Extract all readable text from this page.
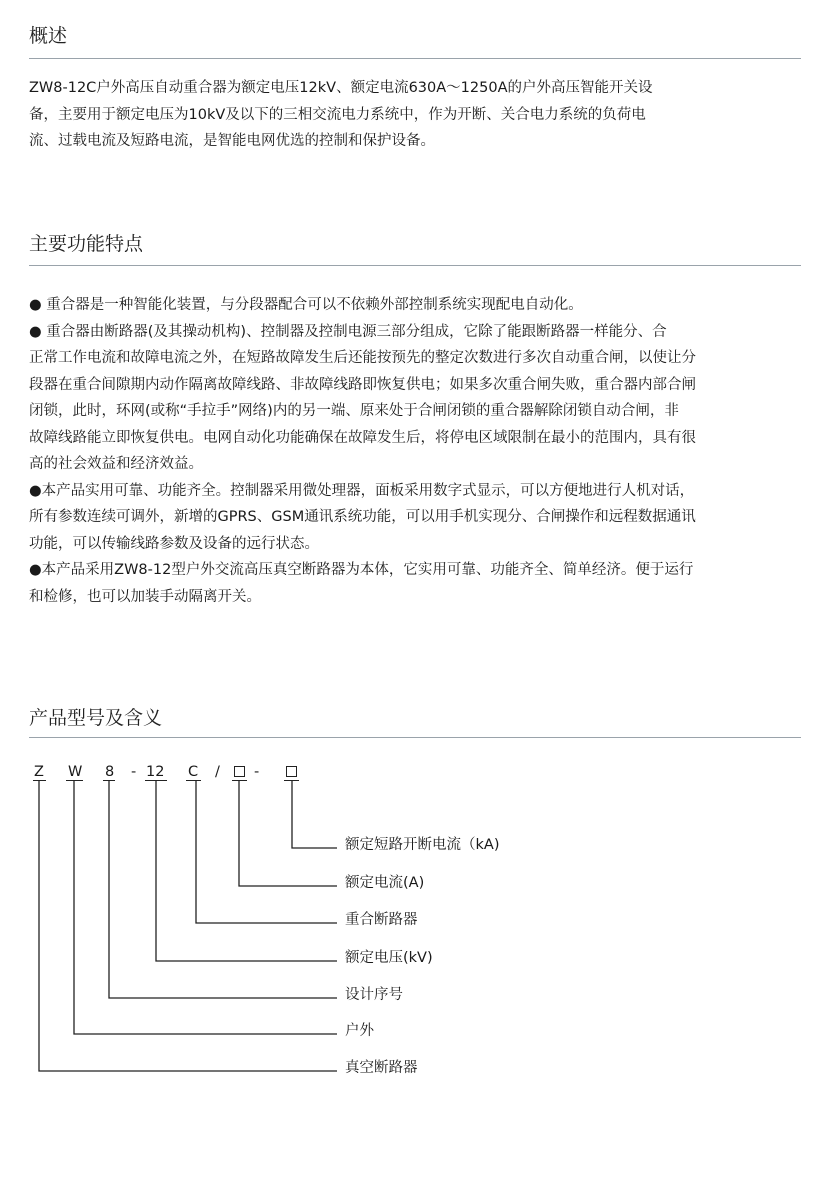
概述
ZW8-12C户外高压自动重合器为额定电压12kV、额定电流630A～1250A的户外高压智能开关设
备，主要用于额定电压为10kV及以下的三相交流电力系统中，作为开断、关合电力系统的负荷电
流、过载电流及短路电流，是智能电网优选的控制和保护设备。
主要功能特点
● 重合器是一种智能化装置，与分段器配合可以不依赖外部控制系统实现配电自动化。
● 重合器由断路器(及其操动机构)、控制器及控制电源三部分组成，它除了能跟断路器一样能分、合
正常工作电流和故障电流之外，在短路故障发生后还能按预先的整定次数进行多次自动重合闸，以使让分
段器在重合间隙期内动作隔离故障线路、非故障线路即恢复供电；如果多次重合闸失败，重合器内部合闸
闭锁，此时，环网(或称“手拉手”网络)内的另一端、原来处于合闸闭锁的重合器解除闭锁自动合闸，非
故障线路能立即恢复供电。电网自动化功能确保在故障发生后，将停电区域限制在最小的范围内，具有很
高的社会效益和经济效益。
●本产品实用可靠、功能齐全。控制器采用微处理器，面板采用数字式显示，可以方便地进行人机对话，
所有参数连续可调外，新增的GPRS、GSM通讯系统功能，可以用手机实现分、合闸操作和远程数据通讯
功能，可以传输线路参数及设备的远行状态。
●本产品采用ZW8-12型户外交流高压真空断路器为本体，它实用可靠、功能齐全、简单经济。便于运行
和检修，也可以加装手动隔离开关。
产品型号及含义
Z W 8 - 12 C / -
额定短路开断电流（kA)
额定电流(A)
重合断路器
额定电压(kV)
设计序号
户外
真空断路器
